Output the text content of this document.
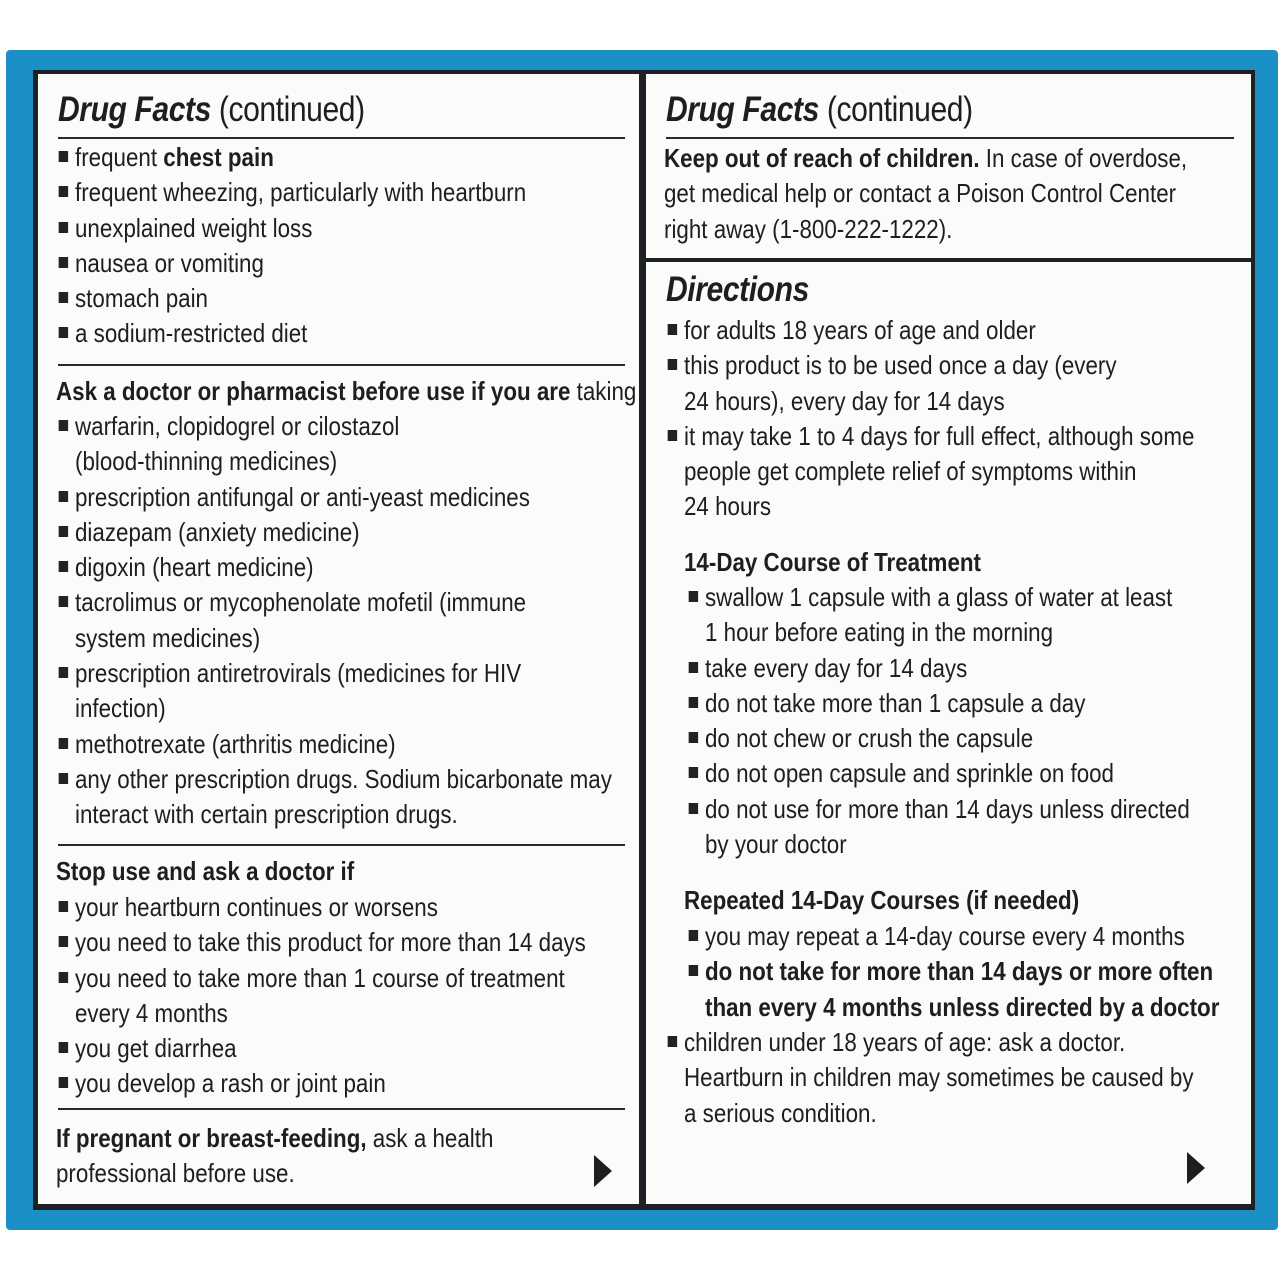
Drug Facts (continued)
frequent chest pain
frequent wheezing, particularly with heartburn
unexplained weight loss
nausea or vomiting
stomach pain
a sodium-restricted diet
Ask a doctor or pharmacist before use if you are taking
warfarin, clopidogrel or cilostazol
(blood-thinning medicines)
prescription antifungal or anti-yeast medicines
diazepam (anxiety medicine)
digoxin (heart medicine)
tacrolimus or mycophenolate mofetil (immune
system medicines)
prescription antiretrovirals (medicines for HIV
infection)
methotrexate (arthritis medicine)
any other prescription drugs. Sodium bicarbonate may
interact with certain prescription drugs.
Stop use and ask a doctor if
your heartburn continues or worsens
you need to take this product for more than 14 days
you need to take more than 1 course of treatment
every 4 months
you get diarrhea
you develop a rash or joint pain
If pregnant or breast-feeding, ask a health
professional before use.
Drug Facts (continued)
Keep out of reach of children. In case of overdose,
get medical help or contact a Poison Control Center
right away (1-800-222-1222).
Directions
for adults 18 years of age and older
this product is to be used once a day (every
24 hours), every day for 14 days
it may take 1 to 4 days for full effect, although some
people get complete relief of symptoms within
24 hours
14-Day Course of Treatment
swallow 1 capsule with a glass of water at least
1 hour before eating in the morning
take every day for 14 days
do not take more than 1 capsule a day
do not chew or crush the capsule
do not open capsule and sprinkle on food
do not use for more than 14 days unless directed
by your doctor
Repeated 14-Day Courses (if needed)
you may repeat a 14-day course every 4 months
do not take for more than 14 days or more often
than every 4 months unless directed by a doctor
children under 18 years of age: ask a doctor.
Heartburn in children may sometimes be caused by
a serious condition.
